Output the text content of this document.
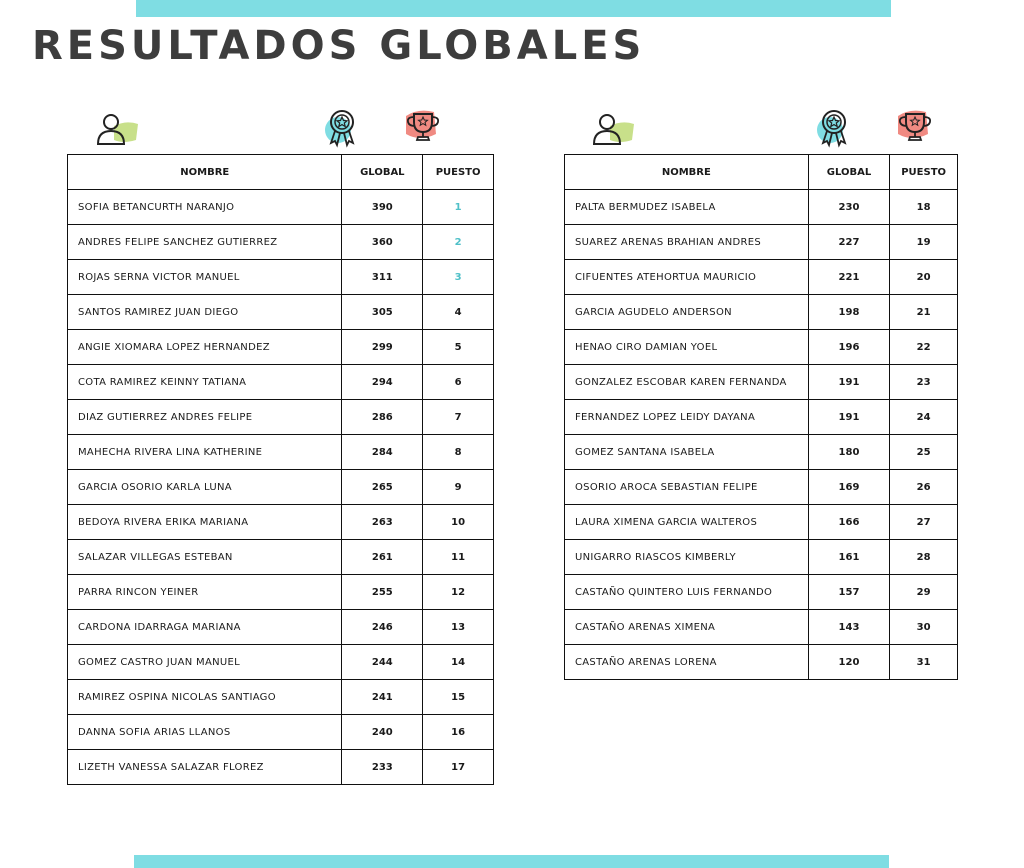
RESULTADOS GLOBALES
NOMBRE	GLOBAL	PUESTO
SOFIA BETANCURTH NARANJO	390	1
ANDRES FELIPE SANCHEZ GUTIERREZ	360	2
ROJAS SERNA VICTOR MANUEL	311	3
SANTOS RAMIREZ JUAN DIEGO	305	4
ANGIE XIOMARA LOPEZ HERNANDEZ	299	5
COTA RAMIREZ KEINNY TATIANA	294	6
DIAZ GUTIERREZ ANDRES FELIPE	286	7
MAHECHA RIVERA LINA KATHERINE	284	8
GARCIA OSORIO KARLA LUNA	265	9
BEDOYA RIVERA ERIKA MARIANA	263	10
SALAZAR VILLEGAS ESTEBAN	261	11
PARRA RINCON YEINER	255	12
CARDONA IDARRAGA MARIANA	246	13
GOMEZ CASTRO JUAN MANUEL	244	14
RAMIREZ OSPINA NICOLAS SANTIAGO	241	15
DANNA SOFIA ARIAS LLANOS	240	16
LIZETH VANESSA SALAZAR FLOREZ	233	17
NOMBRE	GLOBAL	PUESTO
PALTA BERMUDEZ ISABELA	230	18
SUAREZ ARENAS BRAHIAN ANDRES	227	19
CIFUENTES ATEHORTUA MAURICIO	221	20
GARCIA AGUDELO ANDERSON	198	21
HENAO CIRO DAMIAN YOEL	196	22
GONZALEZ ESCOBAR KAREN FERNANDA	191	23
FERNANDEZ LOPEZ LEIDY DAYANA	191	24
GOMEZ SANTANA ISABELA	180	25
OSORIO AROCA SEBASTIAN FELIPE	169	26
LAURA XIMENA GARCIA WALTEROS	166	27
UNIGARRO RIASCOS KIMBERLY	161	28
CASTAÑO QUINTERO LUIS FERNANDO	157	29
CASTAÑO ARENAS XIMENA	143	30
CASTAÑO ARENAS LORENA	120	31
